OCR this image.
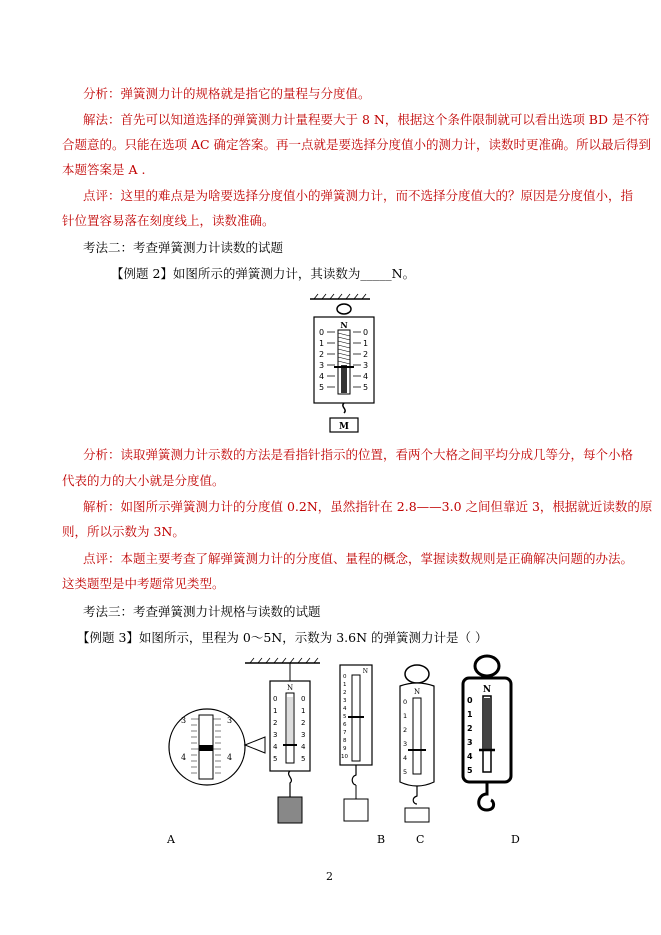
分析：弹簧测力计的规格就是指它的量程与分度值。
解法：首先可以知道选择的弹簧测力计量程要大于 8 N，根据这个条件限制就可以看出选项 BD 是不符
合题意的。只能在选项 AC 确定答案。再一点就是要选择分度值小的测力计，读数时更准确。所以最后得到
本题答案是 A .
点评：这里的难点是为啥要选择分度值小的弹簧测力计，而不选择分度值大的？原因是分度值小，指
针位置容易落在刻度线上，读数准确。
考法二：考查弹簧测力计读数的试题
【例题 2】如图所示的弹簧测力计，其读数为_____N。
分析：读取弹簧测力计示数的方法是看指针指示的位置，看两个大格之间平均分成几等分，每个小格
代表的力的大小就是分度值。
解析：如图所示弹簧测力计的分度值 0.2N，虽然指针在 2.8——3.0 之间但靠近 3，根据就近读数的原
则，所以示数为 3N。
点评：本题主要考查了解弹簧测力计的分度值、量程的概念，掌握读数规则是正确解决问题的办法。
这类题型是中考题常见类型。
考法三：考查弹簧测力计规格与读数的试题
【例题 3】如图所示，里程为 0～5N，示数为 3.6N 的弹簧测力计是（ ）
N
0
1
2
3
4
5
0
1
2
3
4
5
M
3	3
4	4
N
0
1
2
3
4
5
0
1
2
3
4
5
A
N
0
1
2
3
4
5
6
7
8
9
10
B
N
0
1
2
3
4
5
C
N
0
1
2
3
4
5
D
2
